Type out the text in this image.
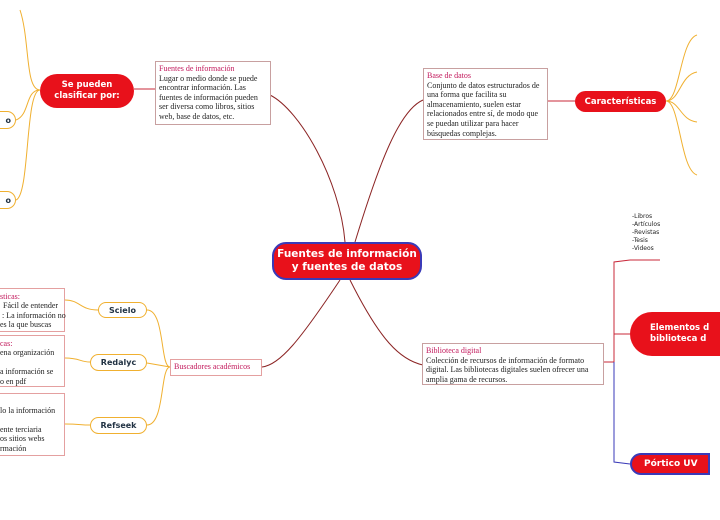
Fuentes de información
y fuentes de datos
Fuentes de información
Lugar o medio donde se puede encontrar información. Las fuentes de información pueden ser diversa como libros, sitios web, base de datos, etc.
Base de datos
Conjunto de datos estructurados de una forma que facilita su almacenamiento, suelen estar relacionados entre sí, de modo que se puedan utilizar para hacer búsquedas complejas.
Biblioteca digital
Colección de recursos de información de formato digital. Las bibliotecas digitales suelen ofrecer una amplia gama de recursos.
Se pueden
clasificar por:
Características
Elementos d
biblioteca d
Pórtico UV
-Libros
-Artículos
-Revistas
-Tesis
-Videos
Buscadores académicos
Scielo
Redalyc
Refseek
o
o
sticas:
Fácil de entender
: La información no
es la que buscas
cas:
ena organización
a información se
o en pdf
lo la información
ente terciaria
os sitios webs
rmación
